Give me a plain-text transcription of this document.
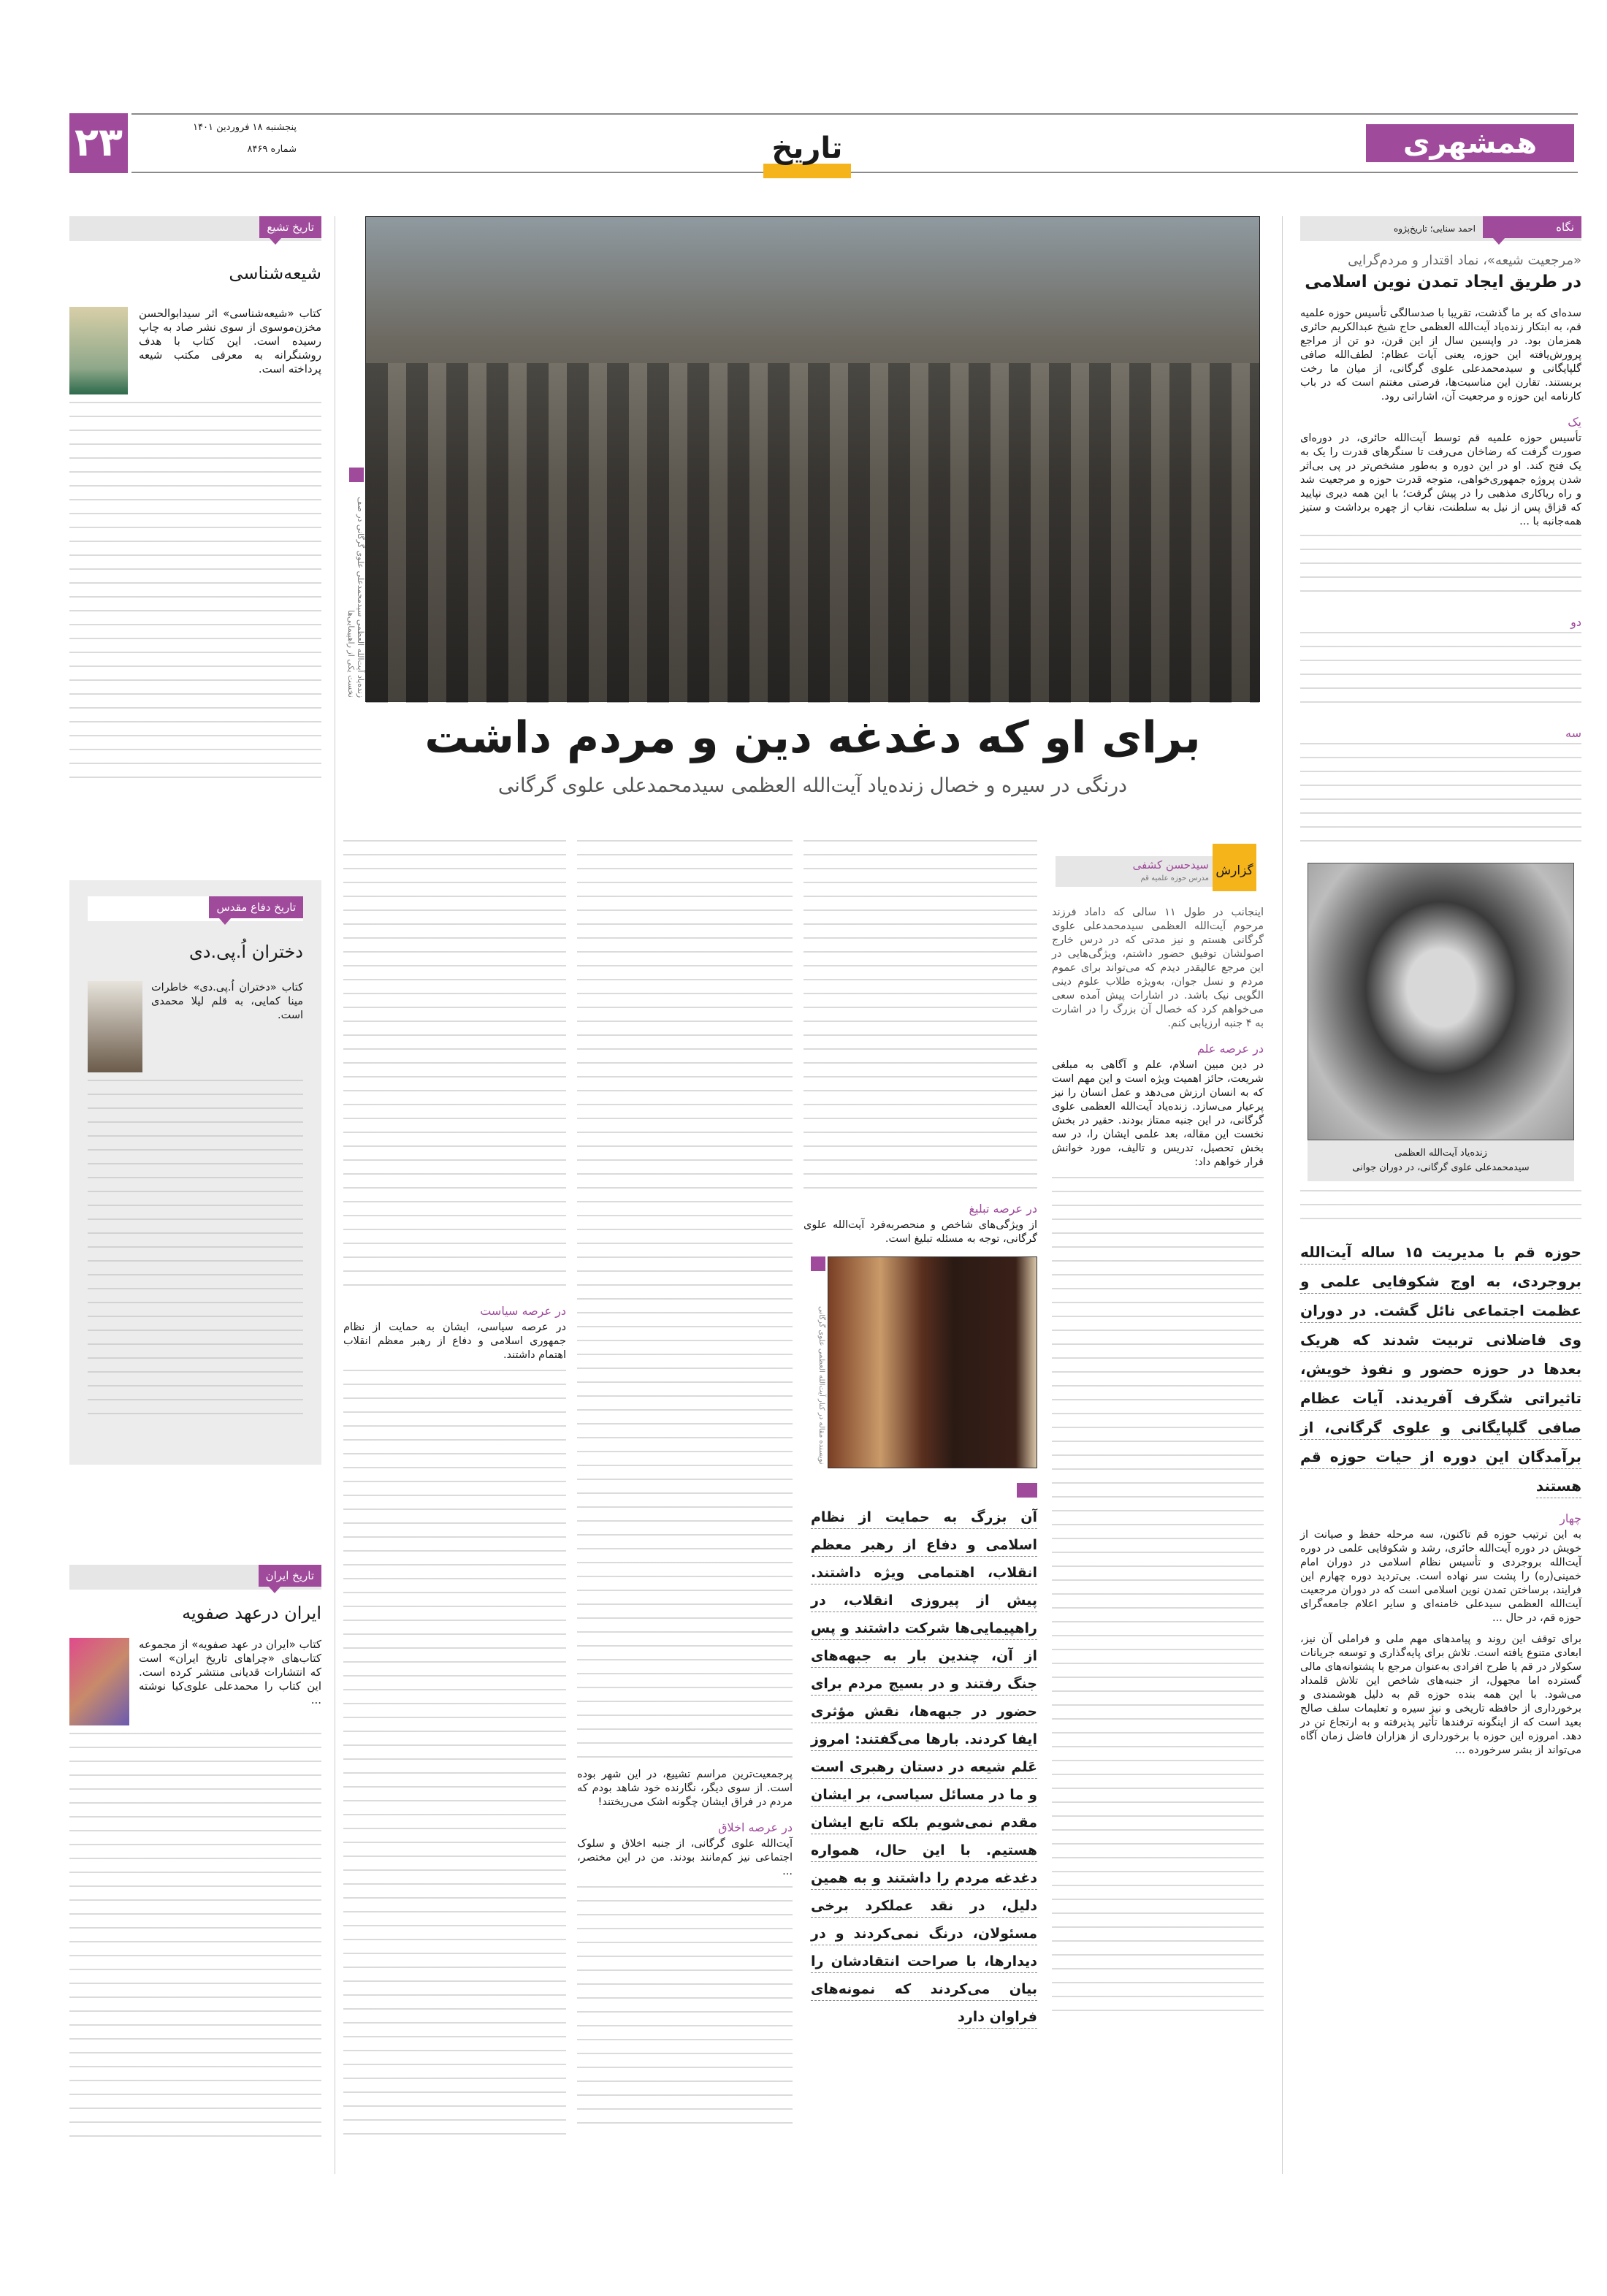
۲۳	پنجشنبه ۱۸ فروردین ۱۴۰۱
شماره ۸۴۶۹	تاریخ	همشهری
تاریخ تشیع
شیعه‌شناسی
کتاب «شیعه‌شناسی» اثر سیدابوالحسن مخزن‌موسوی از سوی نشر صاد به چاپ رسیده است. این کتاب با هدف روشنگرانه به معرفی مکتب شیعه پرداخته است.
تاریخ دفاع مقدس
دختران اُ.پی.دی
کتاب «دختران اُ.پی.دی» خاطرات مینا کمایی، به قلم لیلا محمدی است.
تاریخ ایران
ایران درعهد صفویه
کتاب «ایران در عهد صفویه» از مجموعه کتاب‌های «چراهای تاریخ ایران» است که انتشارات قدیانی منتشر کرده است. این کتاب را محمدعلی علوی‌کیا نوشته ...
زنده‌یاد آیت‌الله العظمی سیدمحمدعلی علوی گرگانی در صف نخست یکی از راهپیمایی‌ها
برای او که دغدغه دین و مردم داشت
درنگی در سیره و خصال زنده‌یاد آیت‌الله العظمی سیدمحمدعلی علوی گرگانی
گزارش
سیدحسن کشفی
مدرس حوزه علمیه قم
اینجانب در طول ۱۱ سالی که داماد فرزند مرحوم آیت‌الله العظمی سیدمحمدعلی علوی گرگانی هستم و نیز مدتی که در درس خارج اصولشان توفیق حضور داشتم، ویژگی‌هایی در این مرجع عالیقدر دیدم که می‌تواند برای عموم مردم و نسل جوان، به‌ویژه طلاب علوم دینی الگویی نیک باشد. در اشارات پیش آمده سعی می‌خواهم کرد که خصال آن بزرگ را در اشارت به ۴ جنبه ارزیابی کنم.
در عرصه علم
در دین مبین اسلام، علم و آگاهی به مبلغی شریعت، حائز اهمیت ویژه است و این مهم است که به انسان ارزش می‌دهد و عمل انسان را نیز پرعیار می‌سازد. زنده‌یاد آیت‌الله العظمی علوی گرگانی، در این جنبه ممتاز بودند. حقیر در بخش نخست این مقاله، بعد علمی ایشان را، در سه بخش تحصیل، تدریس و تالیف، مورد خوانش قرار خواهم داد:
در عرصه تبلیغ
از ویژگی‌های شاخص و منحصربه‌فرد آیت‌الله علوی گرگانی، توجه به مسئله تبلیغ است.
نویسنده مقاله در کنار آیت‌الله العظمی علوی گرگانی
آن بزرگ به حمایت از نظام اسلامی و دفاع از رهبر معظم انقلاب، اهتمامی ویژه داشتند. پیش از پیروزی انقلاب، در راهپیمایی‌ها شرکت داشتند و پس از آن، چندین بار به جبهه‌های جنگ رفتند و در بسیج مردم برای حضور در جبهه‌ها، نقش مؤثری ایفا کردند. بارها می‌گفتند: امروز عَلم شیعه در دستان رهبری است و ما در مسائل سیاسی، بر ایشان مقدم نمی‌شویم بلکه تابع ایشان هستیم. با این حال، همواره دغدغه مردم را داشتند و به همین دلیل، در نقد عملکرد برخی مسئولان، درنگ نمی‌کردند و در دیدارها، با صراحت انتقادشان را بیان می‌کردند که نمونه‌های فراوان دارد
پرجمعیت‌ترین مراسم تشییع، در این شهر بوده است. از سوی دیگر، نگارنده خود شاهد بودم که مردم در فراق ایشان چگونه اشک می‌ریختند!
در عرصه اخلاق
آیت‌الله علوی گرگانی، از جنبه اخلاق و سلوک اجتماعی نیز کم‌مانند بودند. من در این مختصر، ...
در عرصه سیاست
در عرصه سیاسی، ایشان به حمایت از نظام جمهوری اسلامی و دفاع از رهبر معظم انقلاب اهتمام داشتند.
نگاه
احمد سنایی؛ تاریخ‌پژوه
«مرجعیت شیعه»، نماد اقتدار و مردم‌گرایی
در طریق ایجاد تمدن نوین اسلامی
سده‌ای که بر ما گذشت، تقریبا با صدسالگی تأسیس حوزه علمیه قم، به ابتکار زنده‌یاد آیت‌الله العظمی حاج شیخ عبدالکریم حائری همزمان بود. در واپسین سال از این قرن، دو تن از مراجع پرورش‌یافته این حوزه، یعنی آیات عظام: لطف‌الله صافی گلپایگانی و سیدمحمدعلی علوی گرگانی، از میان ما رخت بربستند. تقارن این مناسبت‌ها، فرصتی مغتنم است که در باب کارنامه این حوزه و مرجعیت آن، اشاراتی رود.
یک
تأسیس حوزه علمیه قم توسط آیت‌الله حائری، در دوره‌ای صورت گرفت که رضاخان می‌رفت تا سنگرهای قدرت را یک به یک فتح کند. او در این دوره و به‌طور مشخص‌تر در پی بی‌اثر شدن پروژه جمهوری‌خواهی، متوجه قدرت حوزه و مرجعیت شد و راه ریاکاری مذهبی را در پیش گرفت؛ با این همه دیری نپایید که قزاق پس از نیل به سلطنت، نقاب از چهره برداشت و ستیز همه‌جانبه با ...
دو
سه
زنده‌یاد آیت‌الله العظمی
سیدمحمدعلی علوی گرگانی، در دوران جوانی
حوزه قم با مدیریت ۱۵ ساله آیت‌الله بروجردی، به اوج شکوفایی علمی و عظمت اجتماعی نائل گشت. در دوران وی فاضلانی تربیت شدند که هریک بعدها در حوزه حضور و نفوذ خویش، تاثیراتی شگرف آفریدند. آیات عظام صافی گلپایگانی و علوی گرگانی، از برآمدگان این دوره از حیات حوزه قم هستند
چهار
به این ترتیب حوزه قم تاکنون، سه مرحله حفظ و صیانت از خویش در دوره آیت‌الله حائری، رشد و شکوفایی علمی در دوره آیت‌الله بروجردی و تأسیس نظام اسلامی در دوران امام خمینی(ره) را پشت سر نهاده است. بی‌تردید دوره چهارم این فرایند، برساختن تمدن نوین اسلامی است که در دوران مرجعیت آیت‌الله العظمی سیدعلی خامنه‌ای و سایر اعلام جامعه‌گرای حوزه قم، در حال ...
برای توقف این روند و پیامدهای مهم ملی و فراملی آن نیز، ابعادی متنوع یافته است. تلاش برای پایه‌گذاری و توسعه جریانات سکولار در قم یا طرح افرادی به‌عنوان مرجع با پشتوانه‌های مالی گسترده اما مجهول، از جنبه‌های شاخص این تلاش قلمداد می‌شود. با این همه بنده حوزه قم به دلیل هوشمندی و برخورداری از حافظه تاریخی و نیز سیره و تعلیمات سلف صالح بعید است که از اینگونه ترفندها تأثیر پذیرفته و به ارتجاع تن در دهد. امروزه این حوزه با برخورداری از هزاران فاضل زمان آگاه می‌تواند از بشر سرخورده ...
